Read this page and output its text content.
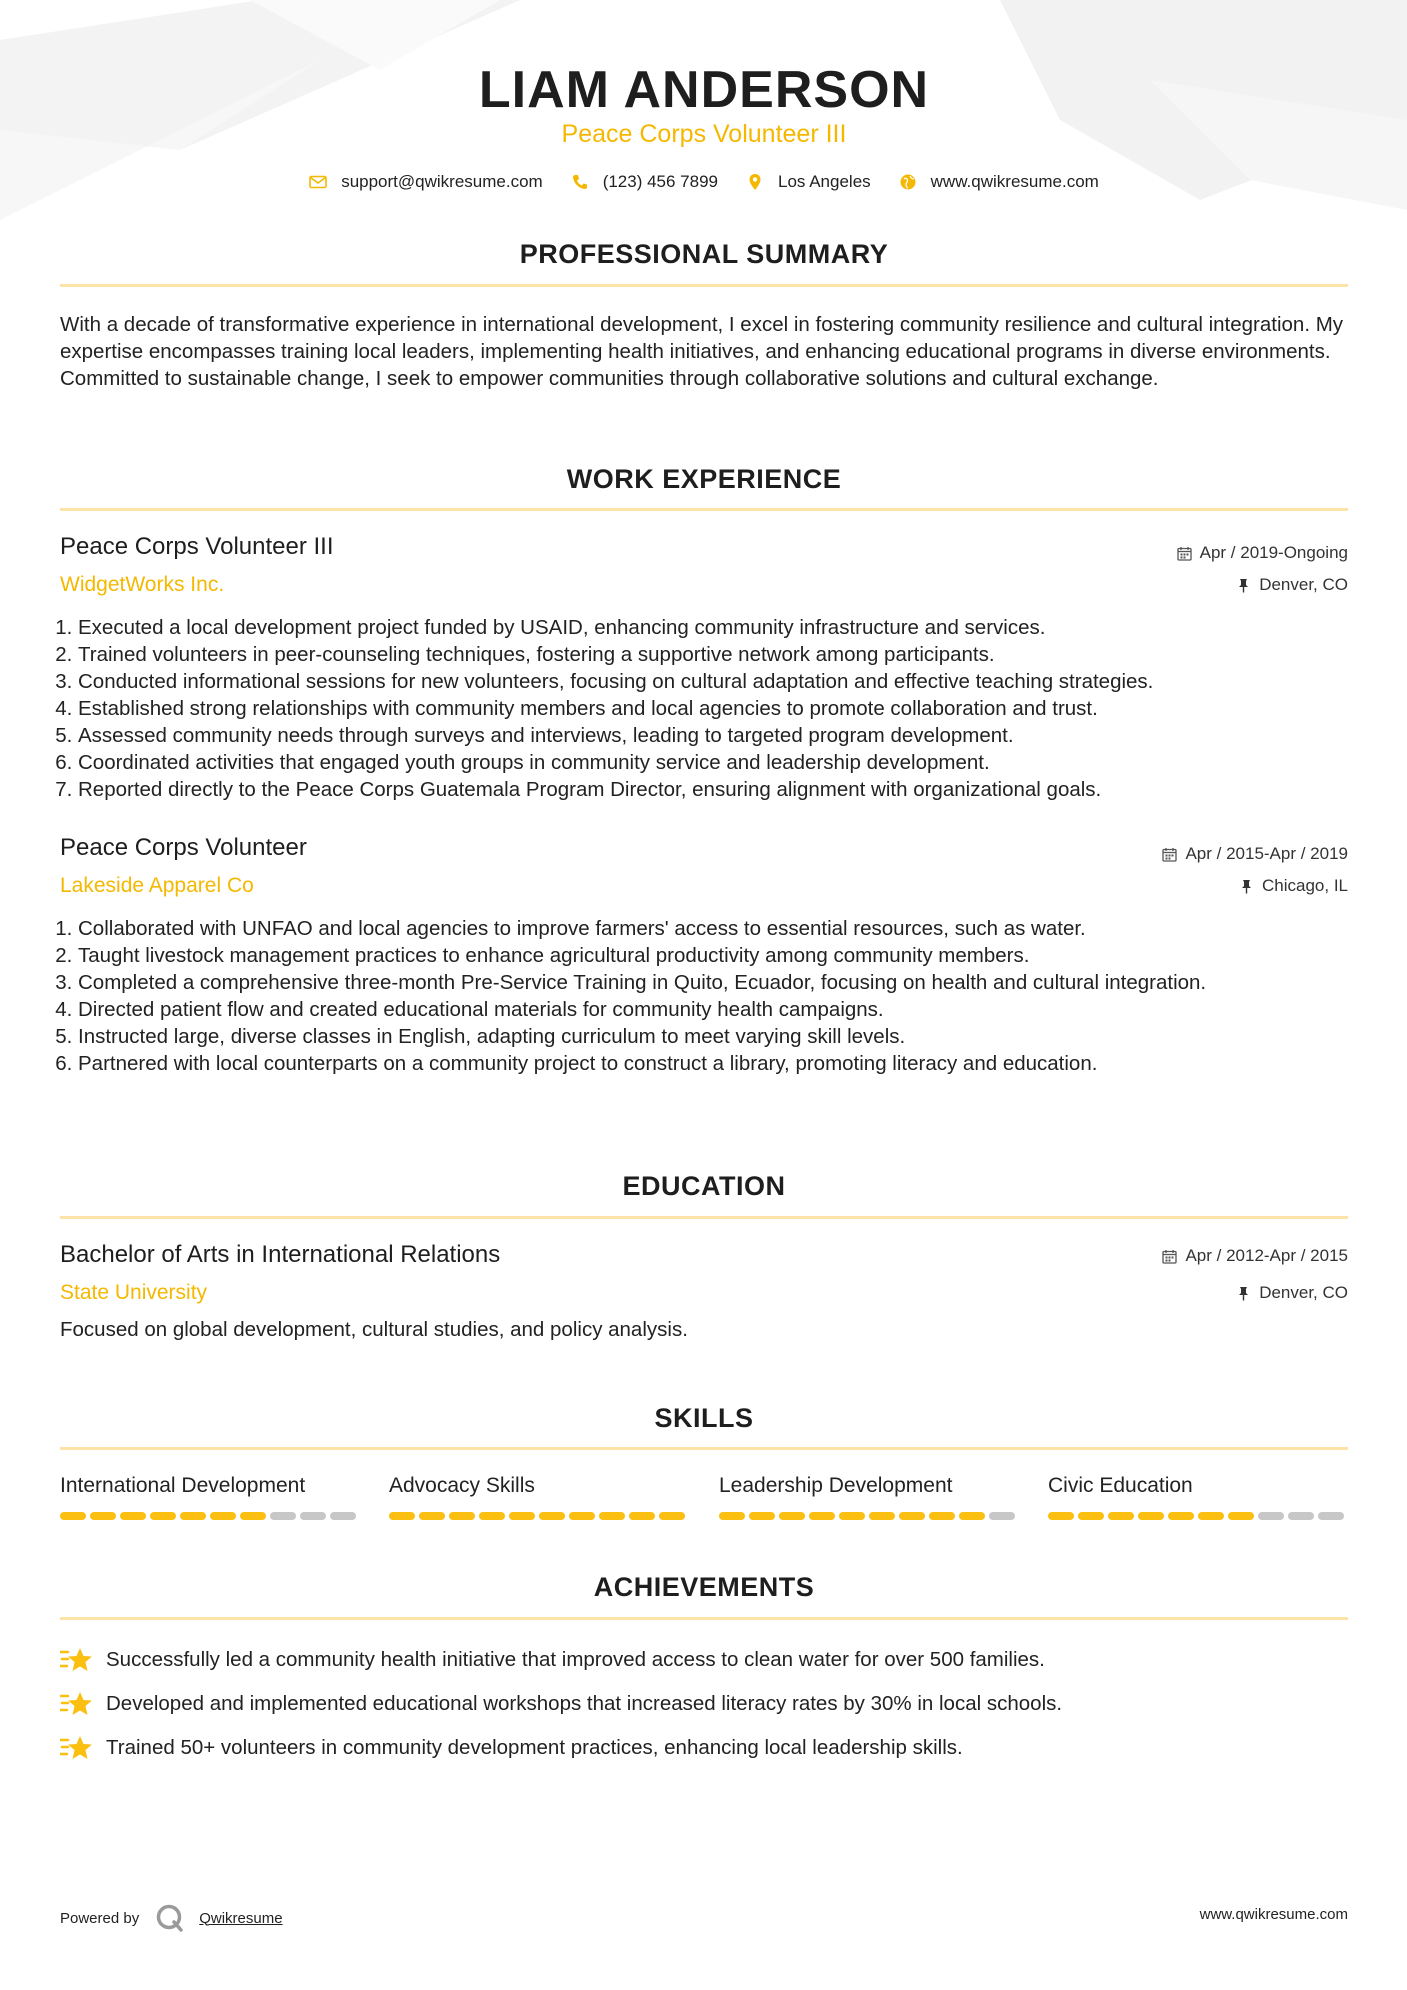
LIAM ANDERSON
Peace Corps Volunteer III
support@qwikresume.com	(123) 456 7899	Los Angeles	www.qwikresume.com
PROFESSIONAL SUMMARY
With a decade of transformative experience in international development, I excel in fostering community resilience and cultural integration. My expertise encompasses training local leaders, implementing health initiatives, and enhancing educational programs in diverse environments. Committed to sustainable change, I seek to empower communities through collaborative solutions and cultural exchange.
WORK EXPERIENCE
Peace Corps Volunteer III	Apr / 2019-Ongoing
WidgetWorks Inc.	Denver, CO
1. Executed a local development project funded by USAID, enhancing community infrastructure and services.
2. Trained volunteers in peer-counseling techniques, fostering a supportive network among participants.
3. Conducted informational sessions for new volunteers, focusing on cultural adaptation and effective teaching strategies.
4. Established strong relationships with community members and local agencies to promote collaboration and trust.
5. Assessed community needs through surveys and interviews, leading to targeted program development.
6. Coordinated activities that engaged youth groups in community service and leadership development.
7. Reported directly to the Peace Corps Guatemala Program Director, ensuring alignment with organizational goals.
Peace Corps Volunteer	Apr / 2015-Apr / 2019
Lakeside Apparel Co	Chicago, IL
1. Collaborated with UNFAO and local agencies to improve farmers' access to essential resources, such as water.
2. Taught livestock management practices to enhance agricultural productivity among community members.
3. Completed a comprehensive three-month Pre-Service Training in Quito, Ecuador, focusing on health and cultural integration.
4. Directed patient flow and created educational materials for community health campaigns.
5. Instructed large, diverse classes in English, adapting curriculum to meet varying skill levels.
6. Partnered with local counterparts on a community project to construct a library, promoting literacy and education.
EDUCATION
Bachelor of Arts in International Relations	Apr / 2012-Apr / 2015
State University	Denver, CO
Focused on global development, cultural studies, and policy analysis.
SKILLS
International Development	Advocacy Skills	Leadership Development	Civic Education
ACHIEVEMENTS
Successfully led a community health initiative that improved access to clean water for over 500 families.
Developed and implemented educational workshops that increased literacy rates by 30% in local schools.
Trained 50+ volunteers in community development practices, enhancing local leadership skills.
Powered by	Qwikresume	www.qwikresume.com
